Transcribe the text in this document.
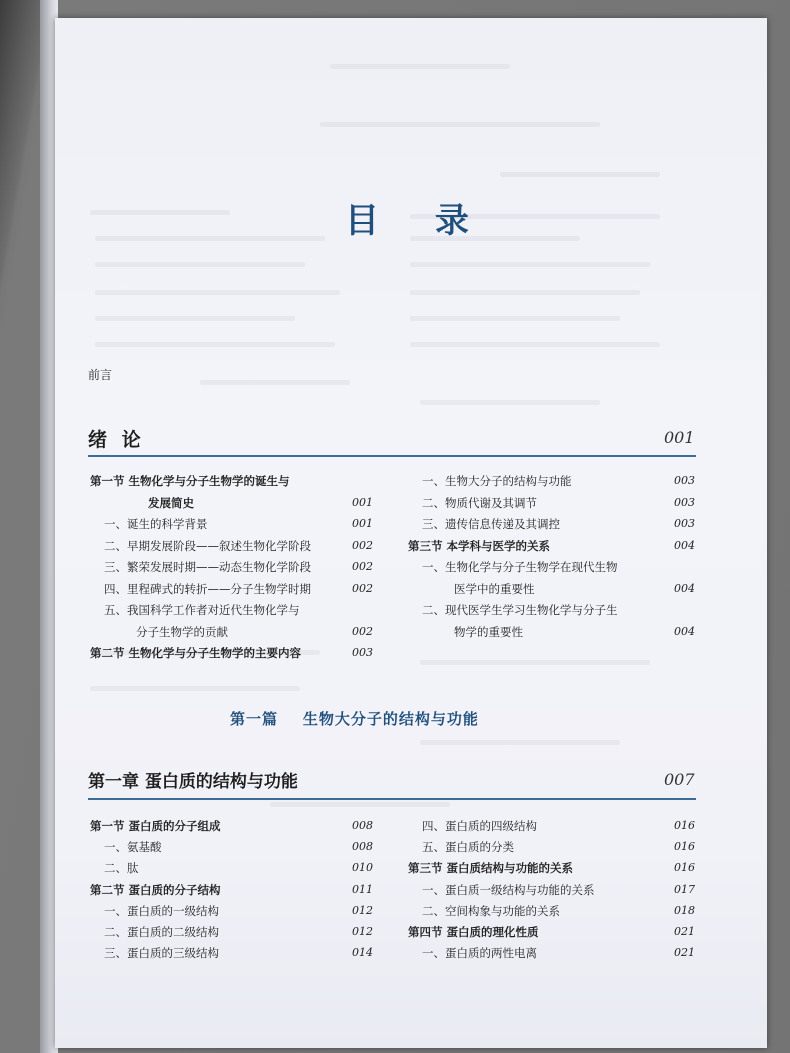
目 录
前言
绪 论	001
第一节 生物化学与分子生物学的诞生与
发展简史	001
一、诞生的科学背景	001
二、早期发展阶段——叙述生物化学阶段	002
三、繁荣发展时期——动态生物化学阶段	002
四、里程碑式的转折——分子生物学时期	002
五、我国科学工作者对近代生物化学与
分子生物学的贡献	002
第二节 生物化学与分子生物学的主要内容	003
一、生物大分子的结构与功能	003
二、物质代谢及其调节	003
三、遗传信息传递及其调控	003
第三节 本学科与医学的关系	004
一、生物化学与分子生物学在现代生物
医学中的重要性	004
二、现代医学生学习生物化学与分子生
物学的重要性	004
第一篇 生物大分子的结构与功能
第一章 蛋白质的结构与功能	007
第一节 蛋白质的分子组成	008
一、氨基酸	008
二、肽	010
第二节 蛋白质的分子结构	011
一、蛋白质的一级结构	012
二、蛋白质的二级结构	012
三、蛋白质的三级结构	014
四、蛋白质的四级结构	016
五、蛋白质的分类	016
第三节 蛋白质结构与功能的关系	016
一、蛋白质一级结构与功能的关系	017
二、空间构象与功能的关系	018
第四节 蛋白质的理化性质	021
一、蛋白质的两性电离	021
